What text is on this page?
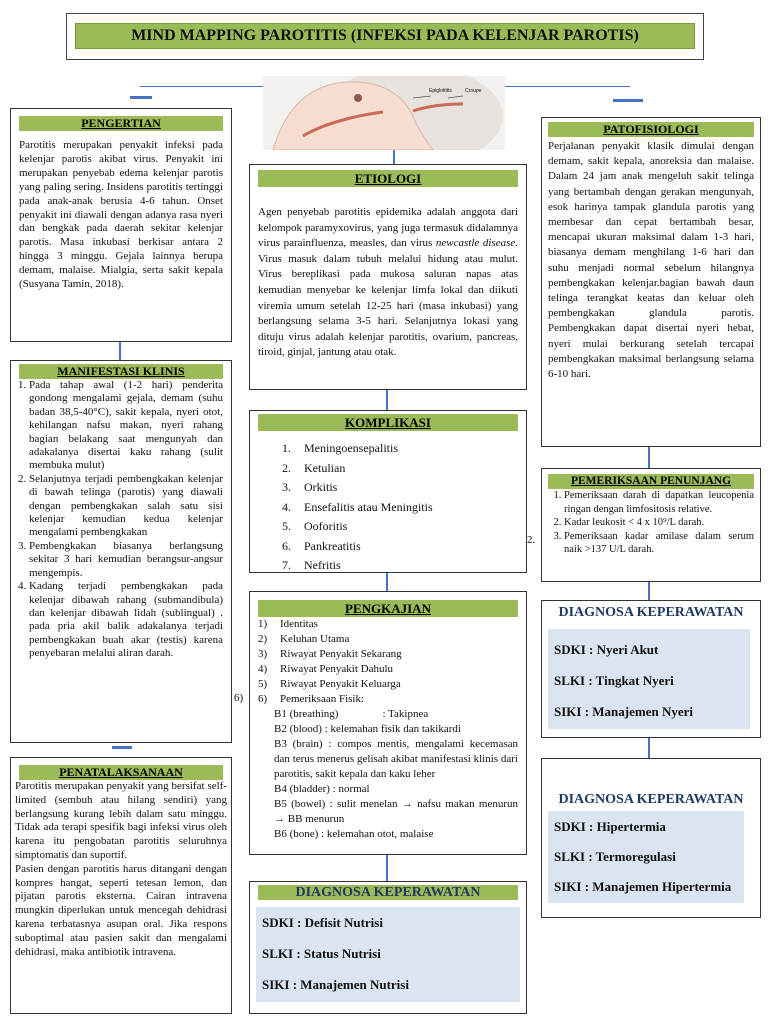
MIND MAPPING PAROTITIS (INFEKSI PADA KELENJAR PAROTIS)
Epiglottitis	Croupe
PENGERTIAN

Parotitis merupakan penyakit infeksi pada kelenjar parotis akibat virus. Penyakit ini merupakan penyebab edema kelenjar parotis yang paling sering. Insidens parotitis tertinggi pada anak-anak berusia 4-6 tahun. Onset penyakit ini diawali dengan adanya rasa nyeri dan bengkak pada daerah sekitar kelenjar parotis. Masa inkubasi berkisar antara 2 hingga 3 minggu. Gejala lainnya berupa demam, malaise. Mialgia, serta sakit kepala (Susyana Tamin, 2018).

ETIOLOGI

Agen penyebab parotitis epidemika adalah anggota dari kelompok paramyxovirus, yang juga termasuk didalamnya virus parainfluenza, measles, dan virus newcastle disease. Virus masuk dalam tubuh melalui hidung atau mulut. Virus bereplikasi pada mukosa saluran napas atas kemudian menyebar ke kelenjar limfa lokal dan diikuti viremia umum setelah 12-25 hari (masa inkubasi) yang berlangsung selama 3-5 hari. Selanjutnya lokasi yang dituju virus adalah kelenjar parotitis, ovarium, pancreas, tiroid, ginjal, jantung atau otak.

PATOFISIOLOGI

Perjalanan penyakit klasik dimulai dengan demam, sakit kepala, anoreksia dan malaise. Dalam 24 jam anak mengeluh sakit telinga yang bertambah dengan gerakan mengunyah, esok harinya tampak glandula parotis yang membesar dan cepat bertambah besar, mencapai ukuran maksimal dalam 1-3 hari, biasanya demam menghilang 1-6 hari dan suhu menjadi normal sebelum hilangnya pembengkakan kelenjar.bagian bawah daun telinga terangkat keatas dan keluar oleh pembengkakan glandula parotis. Pembengkakan dapat disertai nyeri hebat, nyeri mulai berkurang setelah tercapai pembengkakan maksimal berlangsung selama 6-10 hari.

MANIFESTASI KLINIS
1. Pada tahap awal (1-2 hari) penderita gondong mengalami gejala, demam (suhu badan 38,5-40°C), sakit kepala, nyeri otot, kehilangan nafsu makan, nyeri rahang bagian belakang saat mengunyah dan adakalanya disertai kaku rahang (sulit membuka mulut)
2. Selanjutnya terjadi pembengkakan kelenjar di bawah telinga (parotis) yang diawali dengan pembengkakan salah satu sisi kelenjar kemudian kedua kelenjar mengalami pembengkakan
3. Pembengkakan biasanya berlangsung sekitar 3 hari kemudian berangsur-angsur mengempis.
4. Kadang terjadi pembengkakan pada kelenjar dibawah rahang (submandibula) dan kelenjar dibawah lidah (sublingual) . pada pria akil balik adakalanya terjadi pembengkakan buah akar (testis) karena penyebaran melalui aliran darah.
KOMPLIKASI
1. Meningoensepalitis
2. Ketulian
3. Orkitis
4. Ensefalitis atau Meningitis
5. Ooforitis
6. Pankreatitis
7. Nefritis
PEMERIKSAAN PENUNJANG
1. Pemeriksaan darah di dapatkan leucopenia ringan dengan limfositosis relative.
2. Kadar leukosit < 4 x 10⁹/L darah.
3. Pemeriksaan kadar amilase dalam serum naik >137 U/L darah.
2.
PENGKAJIAN
1) Identitas
2) Keluhan Utama
3) Riwayat Penyakit Sekarang
4) Riwayat Penyakit Dahulu
5) Riwayat Penyakit Keluarga
6) Pemeriksaan Fisik:
B1 (breathing)                : Takipnea
B2 (blood) : kelemahan fisik dan takikardi
B3 (brain) : compos mentis, mengalami kecemasan dan terus menerus gelisah akibat manifestasi klinis dari parotitis, sakit kepala dan kaku leher
B4 (bladder) : normal
B5 (bowel) : sulit menelan → nafsu makan menurun → BB menurun
B6 (bone) : kelemahan otot, malaise
6)
DIAGNOSA KEPERAWATAN
SDKI : Nyeri Akut
SLKI : Tingkat Nyeri
SIKI : Manajemen Nyeri
DIAGNOSA KEPERAWATAN
SDKI : Hipertermia
SLKI : Termoregulasi
SIKI : Manajemen Hipertermia
PENATALAKSANAAN

Parotitis merupakan penyakit yang bersifat self-limited (sembuh atau hilang sendiri) yang berlangsung kurang lebih dalam satu minggu. Tidak ada terapi spesifik bagi infeksi virus oleh karena itu pengobatan parotitis seluruhnya simptomatis dan suportif.

Pasien dengan parotitis harus ditangani dengan kompres hangat, seperti tetesan lemon, dan pijatan parotis eksterna. Cairan intravena mungkin diperlukan untuk mencegah dehidrasi karena terbatasnya asupan oral. Jika respons suboptimal atau pasien sakit dan mengalami dehidrasi, maka antibiotik intravena.

DIAGNOSA KEPERAWATAN
SDKI : Defisit Nutrisi
SLKI : Status Nutrisi
SIKI : Manajemen Nutrisi
